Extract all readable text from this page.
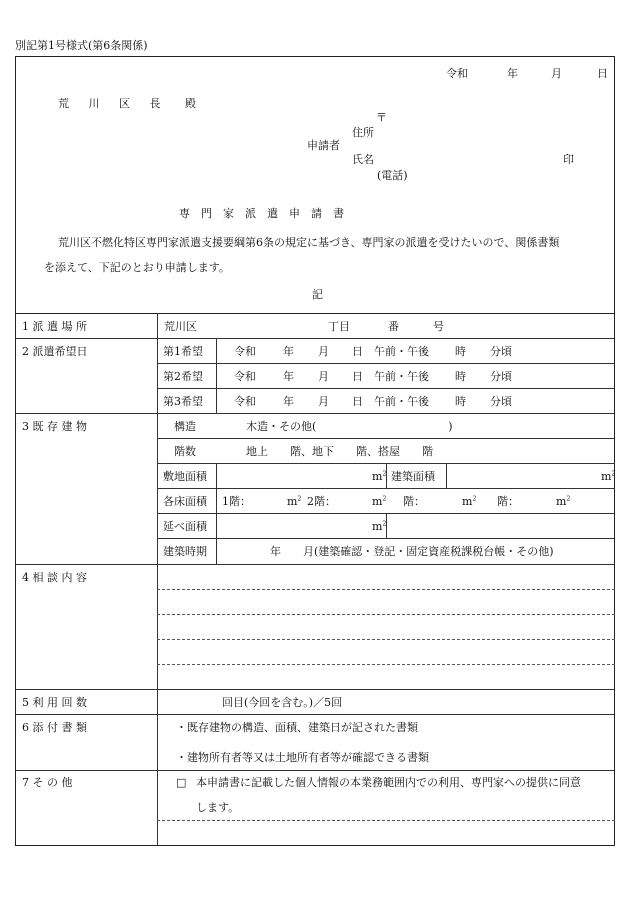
別記第1号様式(第6条関係)
令和	年	月	日
荒 川 区 長 殿
〒
住所
申請者
氏名	印
(電話)
専　門　家　派　遣　申　請　書
荒川区不燃化特区専門家派遣支援要綱第6条の規定に基づき、専門家の派遣を受けたいので、関係書類
を添えて、下記のとおり申請します。
記
1 派 遣 場 所	荒川区	丁目	番	号
2 派遣希望日	第1希望	令和 年 月 日 午前・午後 時 分頃
第2希望	令和 年 月 日 午前・午後 時 分頃
第3希望	令和 年 月 日 午前・午後 時 分頃
3 既 存 建 物	構造	木造・その他(　　　　　　　　　　　　)
階数	地上　　階、地下　　階、搭屋　　階
敷地面積	$m^2$ 建築面積	$m^2$
各床面積 1階：	$m^2$ 2階：	$m^2$ 階：	$m^2$ 階：	$m^2$
延べ面積	$m^2$
建築時期	年　　月(建築確認・登記・固定資産税課税台帳・その他)
4 相 談 内 容
5 利 用 回 数	回目(今回を含む。)／5回
6 添 付 書 類	・既存建物の構造、面積、建築日が記された書類
・建物所有者等又は土地所有者等が確認できる書類
7 そ の 他	□ 本申請書に記載した個人情報の本業務範囲内での利用、専門家への提供に同意
します。
